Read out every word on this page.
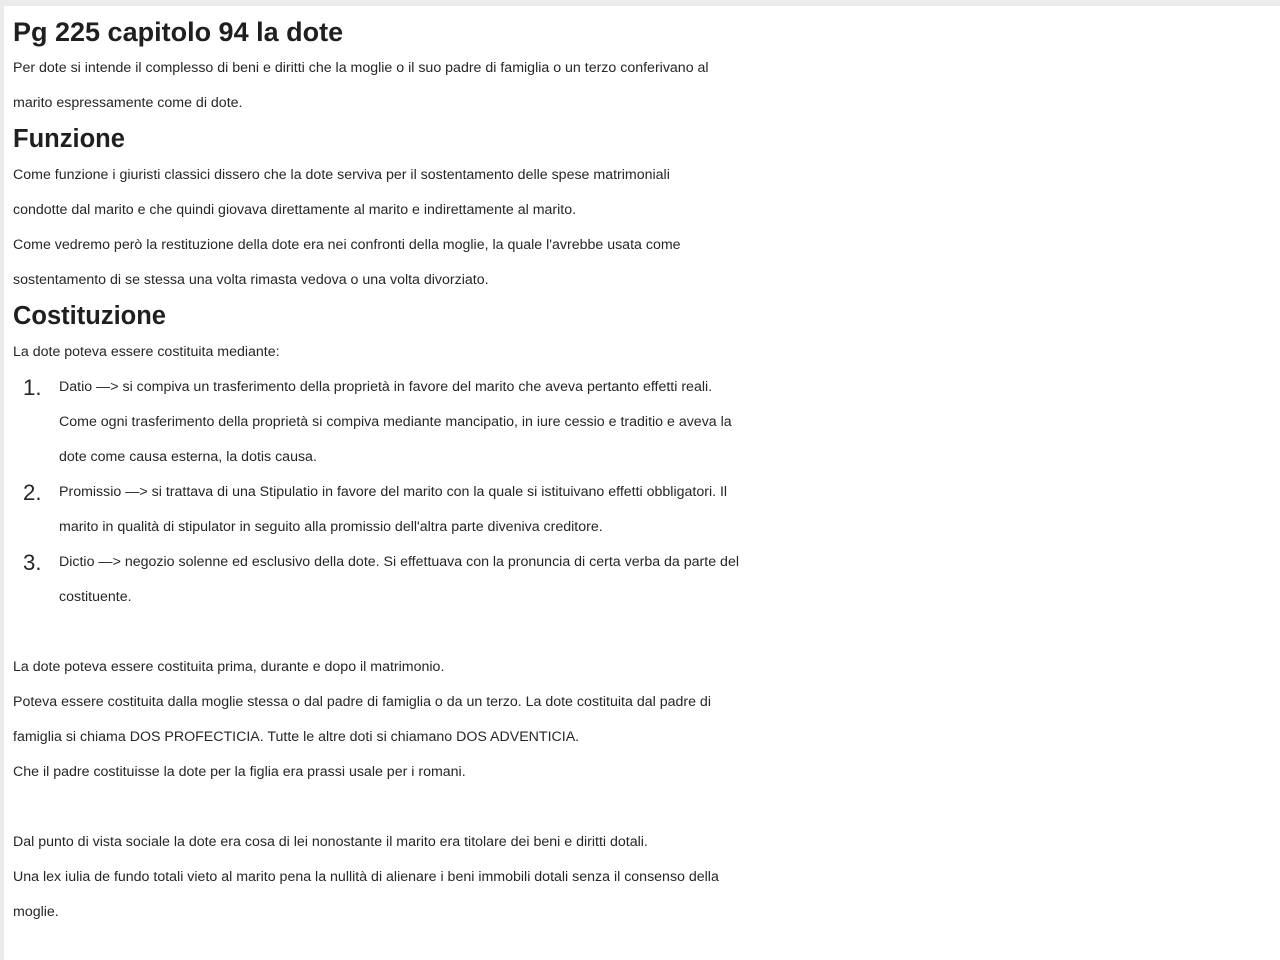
Pg 225 capitolo 94 la dote

Per dote si intende il complesso di beni e diritti che la moglie o il suo padre di famiglia o un terzo conferivano al

marito espressamente come di dote.

Funzione

Come funzione i giuristi classici dissero che la dote serviva per il sostentamento delle spese matrimoniali

condotte dal marito e che quindi giovava direttamente al marito e indirettamente al marito.

Come vedremo però la restituzione della dote era nei confronti della moglie, la quale l'avrebbe usata come

sostentamento di se stessa una volta rimasta vedova o una volta divorziato.

Costituzione

La dote poteva essere costituita mediante:

1. Datio —> si compiva un trasferimento della proprietà in favore del marito che aveva pertanto effetti reali.
Come ogni trasferimento della proprietà si compiva mediante mancipatio, in iure cessio e traditio e aveva la
dote come causa esterna, la dotis causa.
2. Promissio —> si trattava di una Stipulatio in favore del marito con la quale si istituivano effetti obbligatori. Il
marito in qualità di stipulator in seguito alla promissio dell'altra parte diveniva creditore.
3. Dictio —> negozio solenne ed esclusivo della dote. Si effettuava con la pronuncia di certa verba da parte del
costituente.

La dote poteva essere costituita prima, durante e dopo il matrimonio.

Poteva essere costituita dalla moglie stessa o dal padre di famiglia o da un terzo. La dote costituita dal padre di

famiglia si chiama DOS PROFECTICIA. Tutte le altre doti si chiamano DOS ADVENTICIA.

Che il padre costituisse la dote per la figlia era prassi usale per i romani.

Dal punto di vista sociale la dote era cosa di lei nonostante il marito era titolare dei beni e diritti dotali.

Una lex iulia de fundo totali vieto al marito pena la nullità di alienare i beni immobili dotali senza il consenso della

moglie.
